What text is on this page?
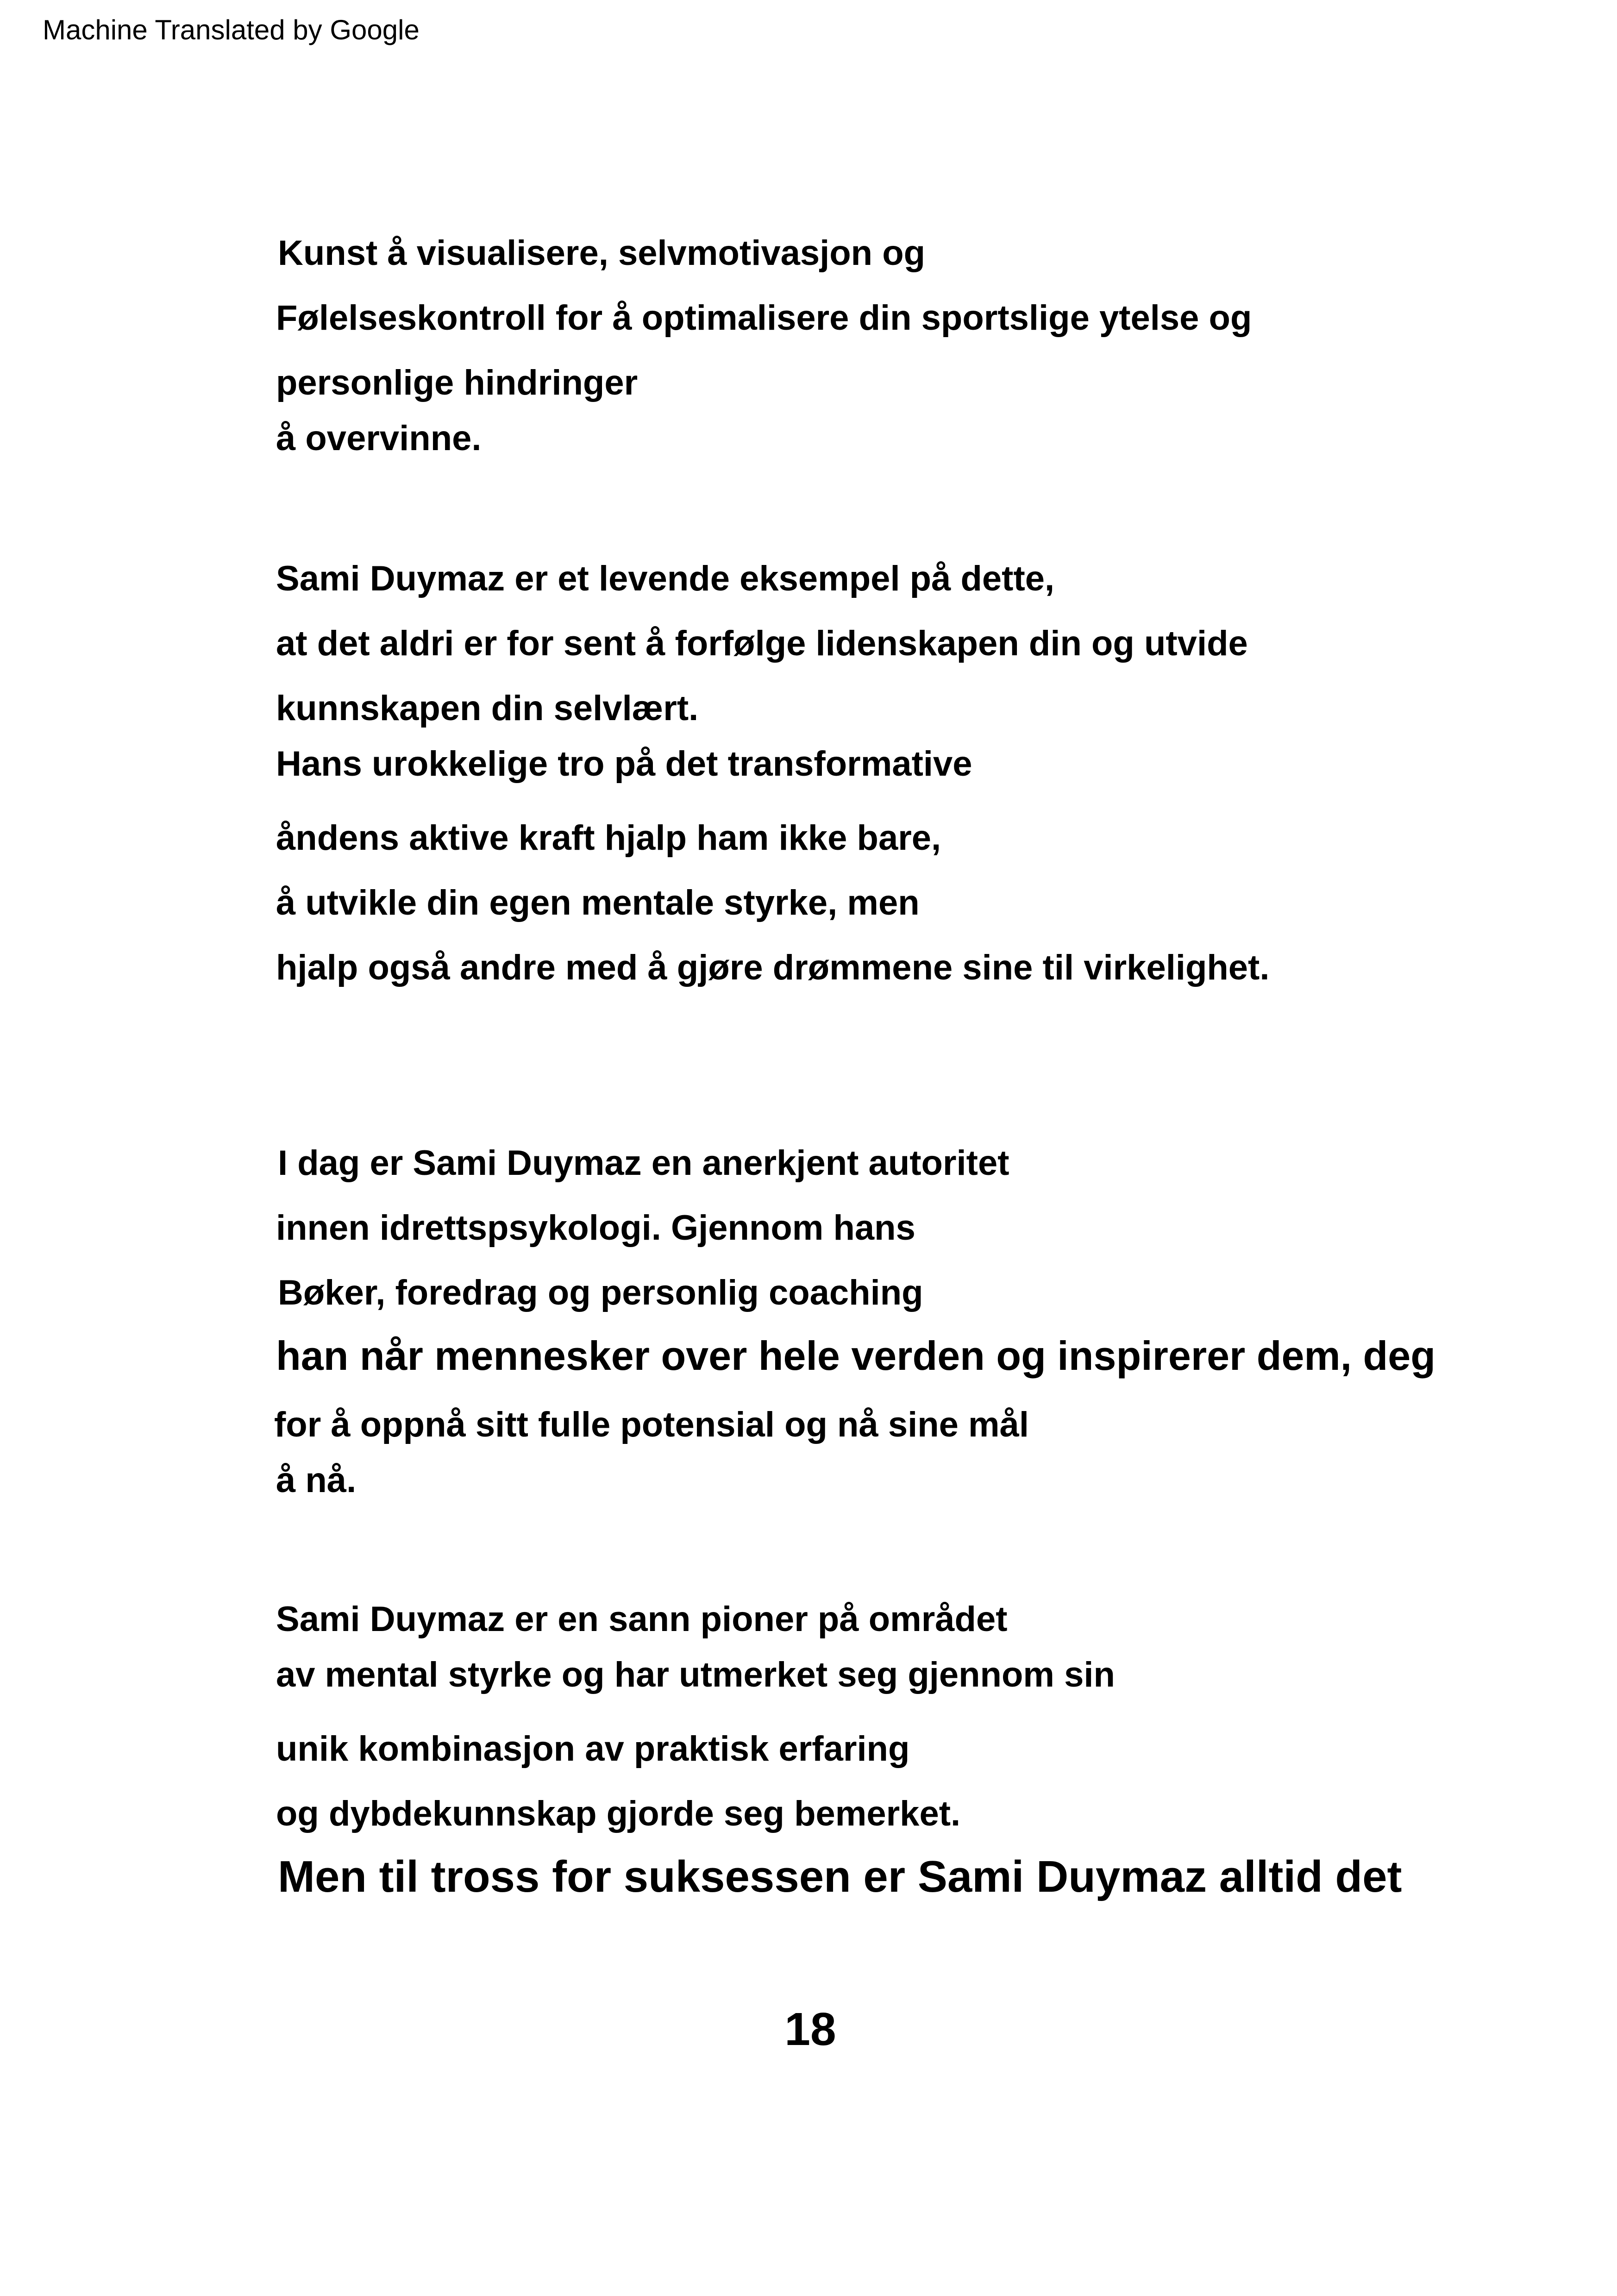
Machine Translated by Google
Kunst å visualisere, selvmotivasjon og
Følelseskontroll for å optimalisere din sportslige ytelse og
personlige hindringer
å overvinne.
Sami Duymaz er et levende eksempel på dette,
at det aldri er for sent å forfølge lidenskapen din og utvide
kunnskapen din selvlært.
Hans urokkelige tro på det transformative
åndens aktive kraft hjalp ham ikke bare,
å utvikle din egen mentale styrke, men
hjalp også andre med å gjøre drømmene sine til virkelighet.
I dag er Sami Duymaz en anerkjent autoritet
innen idrettspsykologi. Gjennom hans
Bøker, foredrag og personlig coaching
han når mennesker over hele verden og inspirerer dem, deg
for å oppnå sitt fulle potensial og nå sine mål
å nå.
Sami Duymaz er en sann pioner på området
av mental styrke og har utmerket seg gjennom sin
unik kombinasjon av praktisk erfaring
og dybdekunnskap gjorde seg bemerket.
Men til tross for suksessen er Sami Duymaz alltid det
18
